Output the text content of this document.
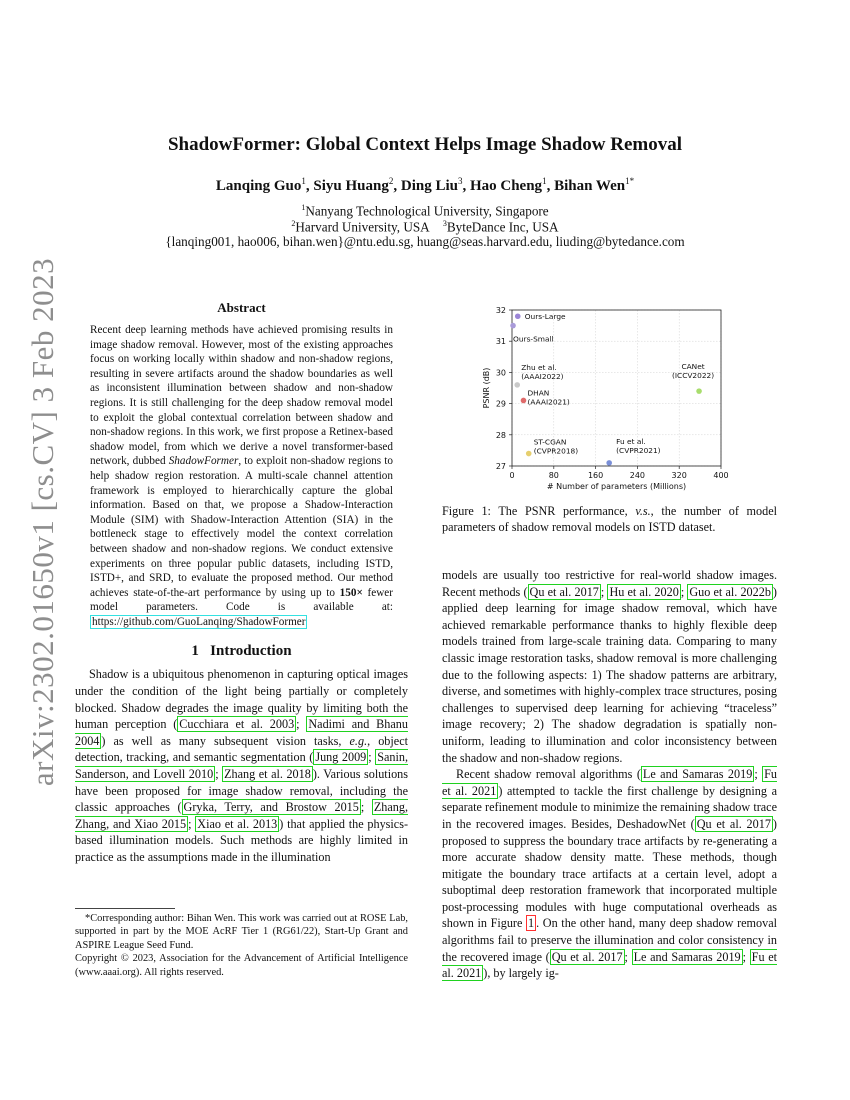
arXiv:2302.01650v1 [cs.CV] 3 Feb 2023
ShadowFormer: Global Context Helps Image Shadow Removal
Lanqing Guo$^1$, Siyu Huang$^2$, Ding Liu$^3$, Hao Cheng$^1$, Bihan Wen$^{1*}$
$^1$Nanyang Technological University, Singapore
$^2$Harvard University, USA $^3$ByteDance Inc, USA
{lanqing001, hao006, bihan.wen}@ntu.edu.sg, huang@seas.harvard.edu, liuding@bytedance.com
Abstract
Recent deep learning methods have achieved promising results in image shadow removal. However, most of the existing approaches focus on working locally within shadow and non-shadow regions, resulting in severe artifacts around the shadow boundaries as well as inconsistent illumination between shadow and non-shadow regions. It is still challenging for the deep shadow removal model to exploit the global contextual correlation between shadow and non-shadow regions. In this work, we first propose a Retinex-based shadow model, from which we derive a novel transformer-based network, dubbed ShadowFormer, to exploit non-shadow regions to help shadow region restoration. A multi-scale channel attention framework is employed to hierarchically capture the global information. Based on that, we propose a Shadow-Interaction Module (SIM) with Shadow-Interaction Attention (SIA) in the bottleneck stage to effectively model the context correlation between shadow and non-shadow regions. We conduct extensive experiments on three popular public datasets, including ISTD, ISTD+, and SRD, to evaluate the proposed method. Our method achieves state-of-the-art performance by using up to 150× fewer model parameters. Code is available at: https://github.com/GuoLanqing/ShadowFormer
1 Introduction

Shadow is a ubiquitous phenomenon in capturing optical images under the condition of the light being partially or completely blocked. Shadow degrades the image quality by limiting both the human perception ( Cucchiara et al. 2003 ; Nadimi and Bhanu 2004 ) as well as many subsequent vision tasks, e.g., object detection, tracking, and semantic segmentation ( Jung 2009 ; Sanin, Sanderson, and Lovell 2010 ; Zhang et al. 2018 ). Various solutions have been proposed for image shadow removal, including the classic approaches ( Gryka, Terry, and Brostow 2015 ; Zhang, Zhang, and Xiao 2015 ; Xiao et al. 2013 ) that applied the physics-based illumination models. Such methods are highly limited in practice as the assumptions made in the illumination

*Corresponding author: Bihan Wen. This work was carried out at ROSE Lab, supported in part by the MOE AcRF Tier 1 (RG61/22), Start-Up Grant and ASPIRE League Seed Fund.
Copyright © 2023, Association for the Advancement of Artificial Intelligence (www.aaai.org). All rights reserved.
0	80	160	240	320	400
27
28
29
30
31
32
Ours-Large
Ours-Small
Zhu et al.
(AAAI2022)
DHAN
(AAAI2021)
ST-CGAN
(CVPR2018)
Fu et al.
(CVPR2021)
CANet
(ICCV2022)
# Number of parameters (Millions)
PSNR (dB)
Figure 1: The PSNR performance, v.s., the number of model parameters of shadow removal models on ISTD dataset.

models are usually too restrictive for real-world shadow images. Recent methods ( Qu et al. 2017 ; Hu et al. 2020 ; Guo et al. 2022b ) applied deep learning for image shadow removal, which have achieved remarkable performance thanks to highly flexible deep models trained from large-scale training data. Comparing to many classic image restoration tasks, shadow removal is more challenging due to the following aspects: 1) The shadow patterns are arbitrary, diverse, and sometimes with highly-complex trace structures, posing challenges to supervised deep learning for achieving “traceless” image recovery; 2) The shadow degradation is spatially non-uniform, leading to illumination and color inconsistency between the shadow and non-shadow regions.

Recent shadow removal algorithms ( Le and Samaras 2019 ; Fu et al. 2021 ) attempted to tackle the first challenge by designing a separate refinement module to minimize the remaining shadow trace in the recovered images. Besides, DeshadowNet ( Qu et al. 2017 ) proposed to suppress the boundary trace artifacts by re-generating a more accurate shadow density matte. These methods, though mitigate the boundary trace artifacts at a certain level, adopt a suboptimal deep restoration framework that incorporated multiple post-processing modules with huge computational overheads as shown in Figure 1 . On the other hand, many deep shadow removal algorithms fail to preserve the illumination and color consistency in the recovered image ( Qu et al. 2017 ; Le and Samaras 2019 ; Fu et al. 2021 ), by largely ig-
